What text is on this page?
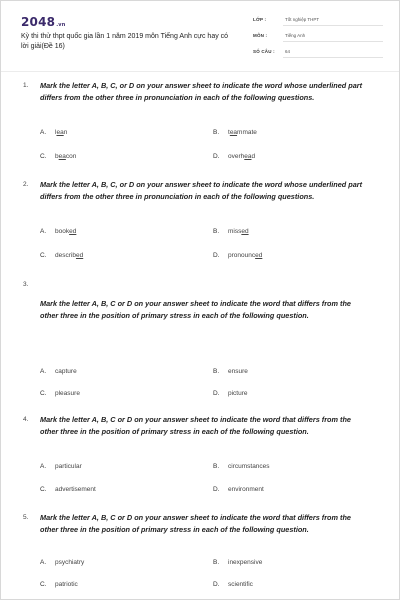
2048.vn
Kỳ thi thử thpt quốc gia lần 1 năm 2019 môn Tiếng Anh cực hay có lời giải(Đề 16)
LỚP :	Tốt nghiệp THPT
MÔN :	Tiếng Anh
SỐ CÂU : 64
1. Mark the letter A, B, C, or D on your answer sheet to indicate the word whose underlined part differs from the other three in pronunciation in each of the following questions.
A. lean	B. teammate
C. beacon	D. overhead
2. Mark the letter A, B, C, or D on your answer sheet to indicate the word whose underlined part differs from the other three in pronunciation in each of the following questions.
A. booked	B. missed
C. described	D. pronounced
3.
Mark the letter A, B, C or D on your answer sheet to indicate the word that differs from the other three in the position of primary stress in each of the following question.
A. capture	B. ensure
C. pleasure	D. picture
4. Mark the letter A, B, C or D on your answer sheet to indicate the word that differs from the other three in the position of primary stress in each of the following question.
A. particular	B. circumstances
C. advertisement	D. environment
5. Mark the letter A, B, C or D on your answer sheet to indicate the word that differs from the other three in the position of primary stress in each of the following question.
A. psychiatry	B. inexpensive
C. patriotic	D. scientific
